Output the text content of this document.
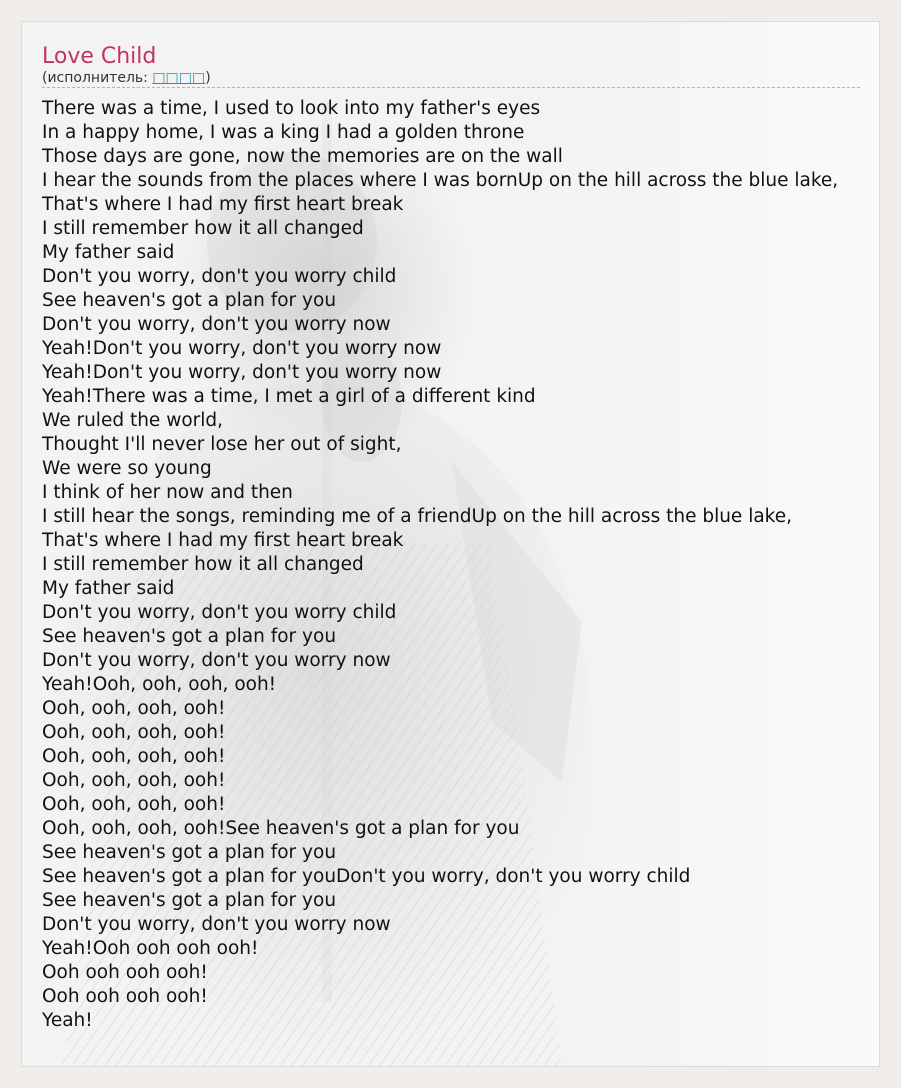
Love Child
(исполнитель: □□□□)
There was a time, I used to look into my father's eyes
In a happy home, I was a king I had a golden throne
Those days are gone, now the memories are on the wall
I hear the sounds from the places where I was bornUp on the hill across the blue lake,
That's where I had my first heart break
I still remember how it all changed
My father said
Don't you worry, don't you worry child
See heaven's got a plan for you
Don't you worry, don't you worry now
Yeah!Don't you worry, don't you worry now
Yeah!Don't you worry, don't you worry now
Yeah!There was a time, I met a girl of a different kind
We ruled the world,
Thought I'll never lose her out of sight,
We were so young
I think of her now and then
I still hear the songs, reminding me of a friendUp on the hill across the blue lake,
That's where I had my first heart break
I still remember how it all changed
My father said
Don't you worry, don't you worry child
See heaven's got a plan for you
Don't you worry, don't you worry now
Yeah!Ooh, ooh, ooh, ooh!
Ooh, ooh, ooh, ooh!
Ooh, ooh, ooh, ooh!
Ooh, ooh, ooh, ooh!
Ooh, ooh, ooh, ooh!
Ooh, ooh, ooh, ooh!
Ooh, ooh, ooh, ooh!See heaven's got a plan for you
See heaven's got a plan for you
See heaven's got a plan for youDon't you worry, don't you worry child
See heaven's got a plan for you
Don't you worry, don't you worry now
Yeah!Ooh ooh ooh ooh!
Ooh ooh ooh ooh!
Ooh ooh ooh ooh!
Yeah!
